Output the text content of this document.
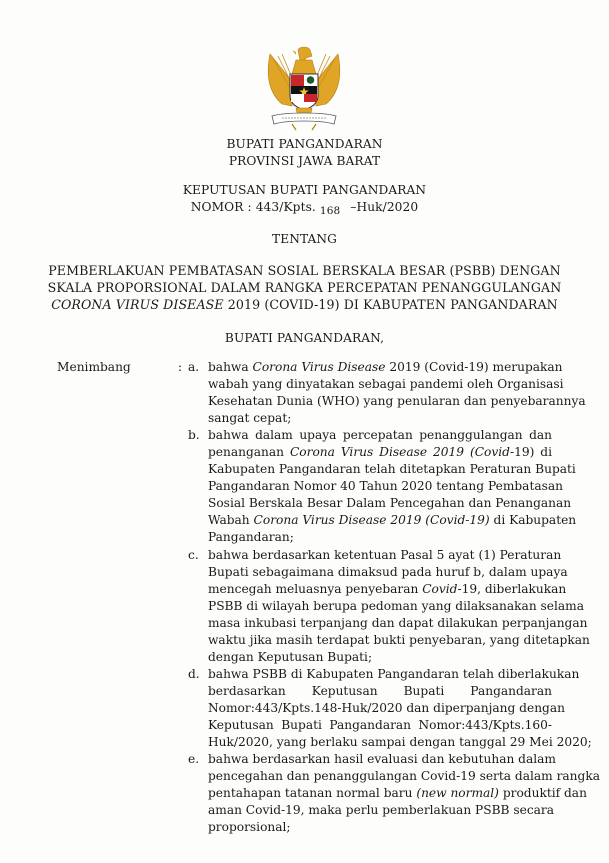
BUPATI PANGANDARAN
PROVINSI JAWA BARAT
KEPUTUSAN BUPATI PANGANDARAN
NOMOR : 443/Kpts. 168 –Huk/2020
TENTANG
PEMBERLAKUAN PEMBATASAN SOSIAL BERSKALA BESAR (PSBB) DENGAN
SKALA PROPORSIONAL DALAM RANGKA PERCEPATAN PENANGGULANGAN
CORONA VIRUS DISEASE 2019 (COVID-19) DI KABUPATEN PANGANDARAN
BUPATI PANGANDARAN,
Menimbang	: a. bahwa Corona Virus Disease 2019 (Covid-19) merupakan
wabah yang dinyatakan sebagai pandemi oleh Organisasi
Kesehatan Dunia (WHO) yang penularan dan penyebarannya
sangat cepat;
b. bahwa dalam upaya percepatan penanggulangan dan
penanganan Corona Virus Disease 2019 (Covid-19) di
Kabupaten Pangandaran telah ditetapkan Peraturan Bupati
Pangandaran Nomor 40 Tahun 2020 tentang Pembatasan
Sosial Berskala Besar Dalam Pencegahan dan Penanganan
Wabah Corona Virus Disease 2019 (Covid-19) di Kabupaten
Pangandaran;
c. bahwa berdasarkan ketentuan Pasal 5 ayat (1) Peraturan
Bupati sebagaimana dimaksud pada huruf b, dalam upaya
mencegah meluasnya penyebaran Covid-19, diberlakukan
PSBB di wilayah berupa pedoman yang dilaksanakan selama
masa inkubasi terpanjang dan dapat dilakukan perpanjangan
waktu jika masih terdapat bukti penyebaran, yang ditetapkan
dengan Keputusan Bupati;
d. bahwa PSBB di Kabupaten Pangandaran telah diberlakukan
berdasarkan Keputusan Bupati Pangandaran
Nomor:443/Kpts.148-Huk/2020 dan diperpanjang dengan
Keputusan Bupati Pangandaran Nomor:443/Kpts.160-
Huk/2020, yang berlaku sampai dengan tanggal 29 Mei 2020;
e. bahwa berdasarkan hasil evaluasi dan kebutuhan dalam
pencegahan dan penanggulangan Covid-19 serta dalam rangka
pentahapan tatanan normal baru (new normal) produktif dan
aman Covid-19, maka perlu pemberlakuan PSBB secara
proporsional;
